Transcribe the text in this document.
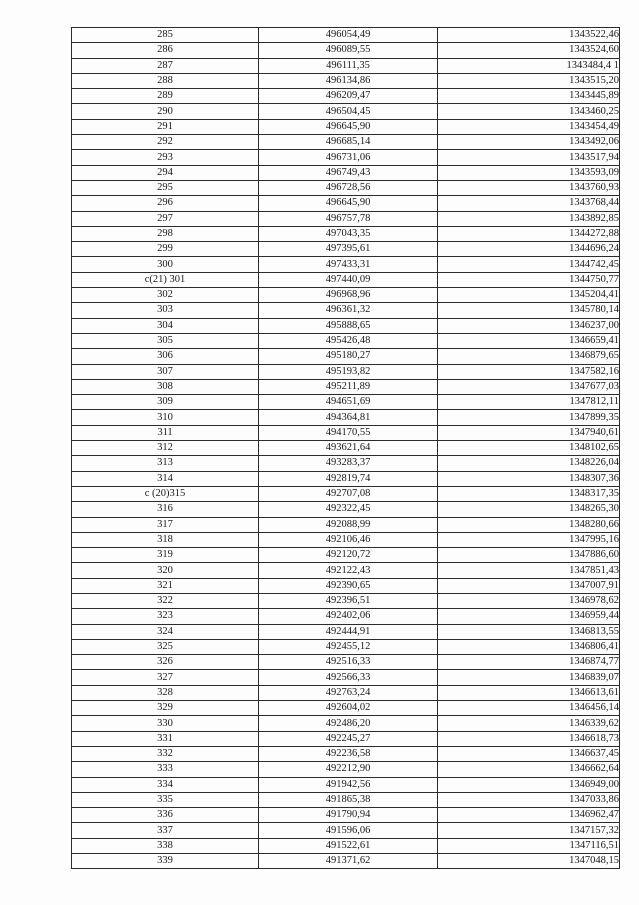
285	496054,49	1343522,46
286	496089,55	1343524,60
287	496111,35	1343484,4 1
288	496134,86	1343515,20
289	496209,47	1343445,89
290	496504,45	1343460,25
291	496645,90	1343454,49
292	496685,14	1343492,06
293	496731,06	1343517,94
294	496749,43	1343593,09
295	496728,56	1343760,93
296	496645,90	1343768,44
297	496757,78	1343892,85
298	497043,35	1344272,88
299	497395,61	1344696,24
300	497433,31	1344742,45
c(21) 301	497440,09	1344750,77
302	496968,96	1345204,41
303	496361,32	1345780,14
304	495888,65	1346237,00
305	495426,48	1346659,41
306	495180,27	1346879,65
307	495193,82	1347582,16
308	495211,89	1347677,03
309	494651,69	1347812,11
310	494364,81	1347899,35
311	494170,55	1347940,61
312	493621,64	1348102,65
313	493283,37	1348226,04
314	492819,74	1348307,36
c (20)315	492707,08	1348317,35
316	492322,45	1348265,30
317	492088,99	1348280,66
318	492106,46	1347995,16
319	492120,72	1347886,60
320	492122,43	1347851,43
321	492390,65	1347007,91
322	492396,51	1346978,62
323	492402,06	1346959,44
324	492444,91	1346813,55
325	492455,12	1346806,41
326	492516,33	1346874,77
327	492566,33	1346839,07
328	492763,24	1346613,61
329	492604,02	1346456,14
330	492486,20	1346339,62
331	492245,27	1346618,73
332	492236,58	1346637,45
333	492212,90	1346662,64
334	491942,56	1346949,00
335	491865,38	1347033,86
336	491790,94	1346962,47
337	491596,06	1347157,32
338	491522,61	1347116,51
339	491371,62	1347048,15
